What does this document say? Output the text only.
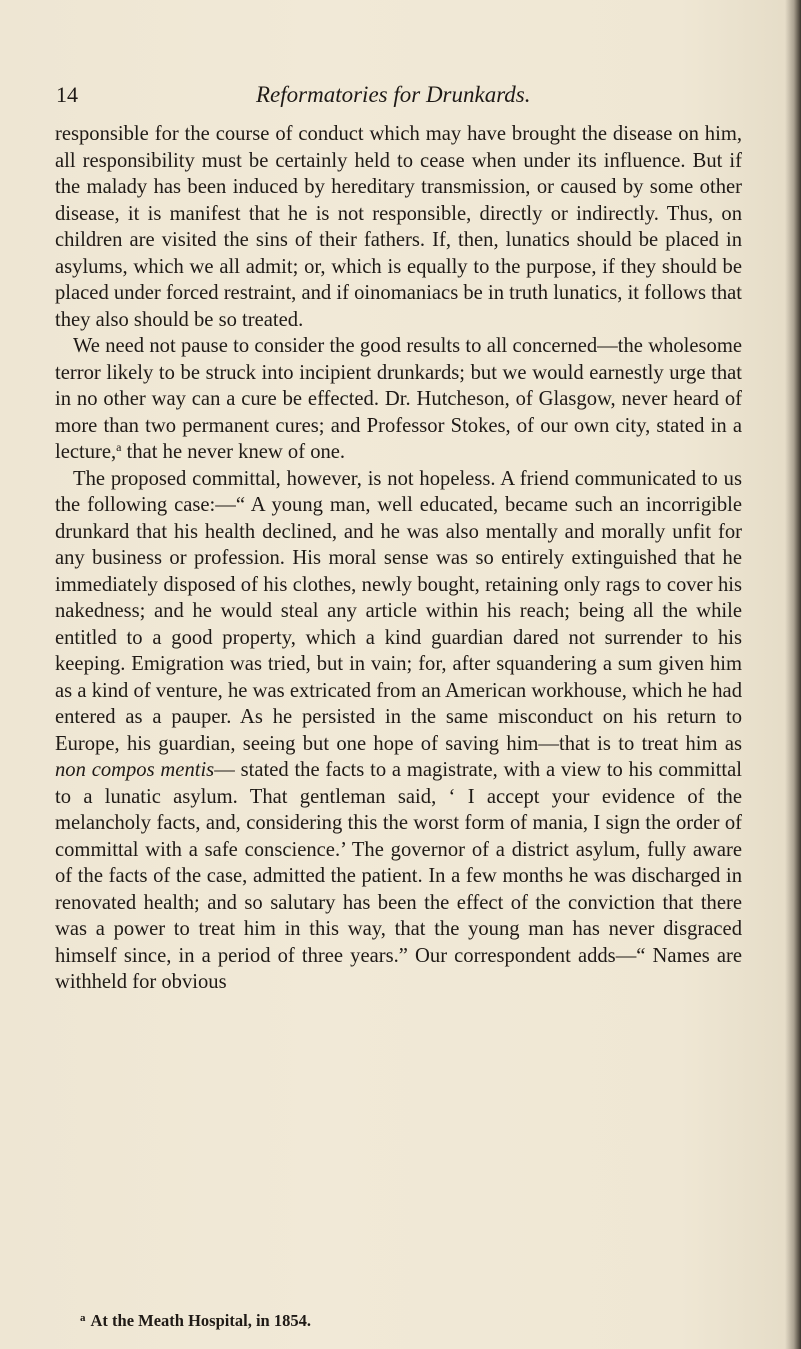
14	Reformatories for Drunkards.

responsible for the course of conduct which may have brought the disease on him, all responsibility must be certainly held to cease when under its influence. But if the malady has been induced by hereditary transmission, or caused by some other disease, it is manifest that he is not responsible, directly or indirectly. Thus, on children are visited the sins of their fathers. If, then, lunatics should be placed in asylums, which we all admit; or, which is equally to the purpose, if they should be placed under forced restraint, and if oinomaniacs be in truth lunatics, it follows that they also should be so treated.

We need not pause to consider the good results to all concerned—the wholesome terror likely to be struck into incipient drunkards; but we would earnestly urge that in no other way can a cure be effected. Dr. Hutcheson, of Glasgow, never heard of more than two permanent cures; and Professor Stokes, of our own city, stated in a lecture,$^a$ that he never knew of one.

The proposed committal, however, is not hopeless. A friend communicated to us the following case:—“ A young man, well educated, became such an incorrigible drunkard that his health declined, and he was also mentally and morally unfit for any business or profession. His moral sense was so entirely extinguished that he immediately disposed of his clothes, newly bought, retaining only rags to cover his nakedness; and he would steal any article within his reach; being all the while entitled to a good property, which a kind guardian dared not surrender to his keeping. Emigration was tried, but in vain; for, after squandering a sum given him as a kind of venture, he was extricated from an American workhouse, which he had entered as a pauper. As he persisted in the same misconduct on his return to Europe, his guardian, seeing but one hope of saving him—that is to treat him as non compos mentis— stated the facts to a magistrate, with a view to his committal to a lunatic asylum. That gentleman said, ‘ I accept your evidence of the melancholy facts, and, considering this the worst form of mania, I sign the order of committal with a safe conscience.’ The governor of a district asylum, fully aware of the facts of the case, admitted the patient. In a few months he was discharged in renovated health; and so salutary has been the effect of the conviction that there was a power to treat him in this way, that the young man has never disgraced himself since, in a period of three years.” Our correspondent adds—“ Names are withheld for obvious

$^a$ At the Meath Hospital, in 1854.
